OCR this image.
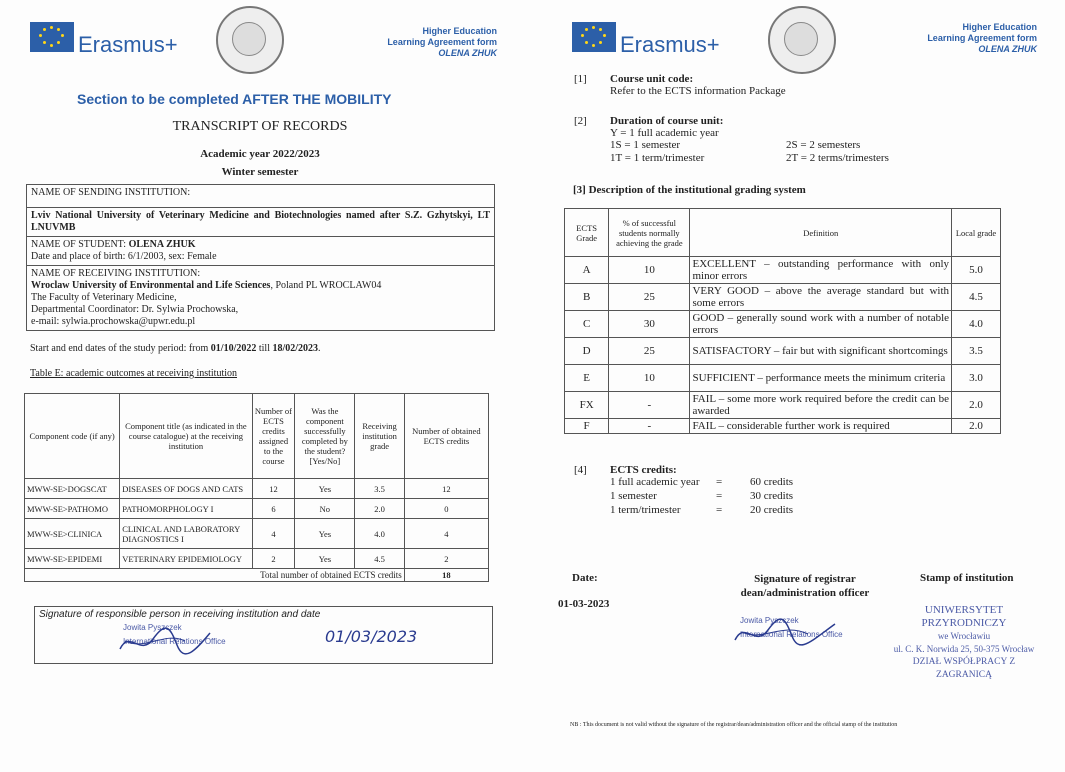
Erasmus+
Higher Education
Learning Agreement form
OLENA ZHUK
Section to be completed AFTER THE MOBILITY
TRANSCRIPT OF RECORDS
Academic year 2022/2023
Winter semester
NAME OF SENDING INSTITUTION:
Lviv National University of Veterinary Medicine and Biotechnologies named after S.Z. Gzhytskyi, LT LNUVMB
NAME OF STUDENT: OLENA ZHUK
Date and place of birth: 6/1/2003, sex: Female
NAME OF RECEIVING INSTITUTION:
Wroclaw University of Environmental and Life Sciences, Poland PL WROCLAW04
The Faculty of Veterinary Medicine,
Departmental Coordinator: Dr. Sylwia Prochowska,
e-mail: sylwia.prochowska@upwr.edu.pl
Start and end dates of the study period: from 01/10/2022 till 18/02/2023.
Table E: academic outcomes at receiving institution
Component code (if any)	Component title (as indicated in the course catalogue) at the receiving institution	Number of ECTS credits assigned to the course	Was the component successfully completed by the student? [Yes/No]	Receiving institution grade	Number of obtained ECTS credits
MWW-SE>DOGSCAT	DISEASES OF DOGS AND CATS	12	Yes	3.5	12
MWW-SE>PATHOMO	PATHOMORPHOLOGY I	6	No	2.0	0
MWW-SE>CLINICA	CLINICAL AND LABORATORY DIAGNOSTICS I	4	Yes	4.0	4
MWW-SE>EPIDEMI	VETERINARY EPIDEMIOLOGY	2	Yes	4.5	2
Total number of obtained ECTS credits					18
Signature of responsible person in receiving institution and date
Jowita Pyszczek
International Relations Office	01/03/2023
Erasmus+
Higher Education
Learning Agreement form
OLENA ZHUK
[1] Course unit code:
Refer to the ECTS information Package
[2] Duration of course unit:
Y = 1 full academic year
1S = 1 semester	2S = 2 semesters
1T = 1 term/trimester	2T = 2 terms/trimesters
[3] Description of the institutional grading system
ECTS Grade	% of successful students normally achieving the grade	Definition	Local grade
A	10	EXCELLENT – outstanding performance with only minor errors	5.0
B	25	VERY GOOD – above the average standard but with some errors	4.5
C	30	GOOD – generally sound work with a number of notable errors	4.0
D	25	SATISFACTORY – fair but with significant shortcomings	3.5
E	10	SUFFICIENT – performance meets the minimum criteria	3.0
FX	-	FAIL – some more work required before the credit can be awarded	2.0
F	-	FAIL – considerable further work is required	2.0
[4] ECTS credits:
1 full academic year =	60 credits
1 semester	=	30 credits
1 term/trimester	=	20 credits
Date:
01-03-2023
Signature of registrar
dean/administration officer
Stamp of institution
Jowita Pyszczek
International Relations Office
UNIWERSYTET PRZYRODNICZY
we Wrocławiu
ul. C. K. Norwida 25, 50-375 Wrocław
DZIAŁ WSPÓŁPRACY Z ZAGRANICĄ
NB : This document is not valid without the signature of the registrar/dean/administration officer and the official stamp of the institution
